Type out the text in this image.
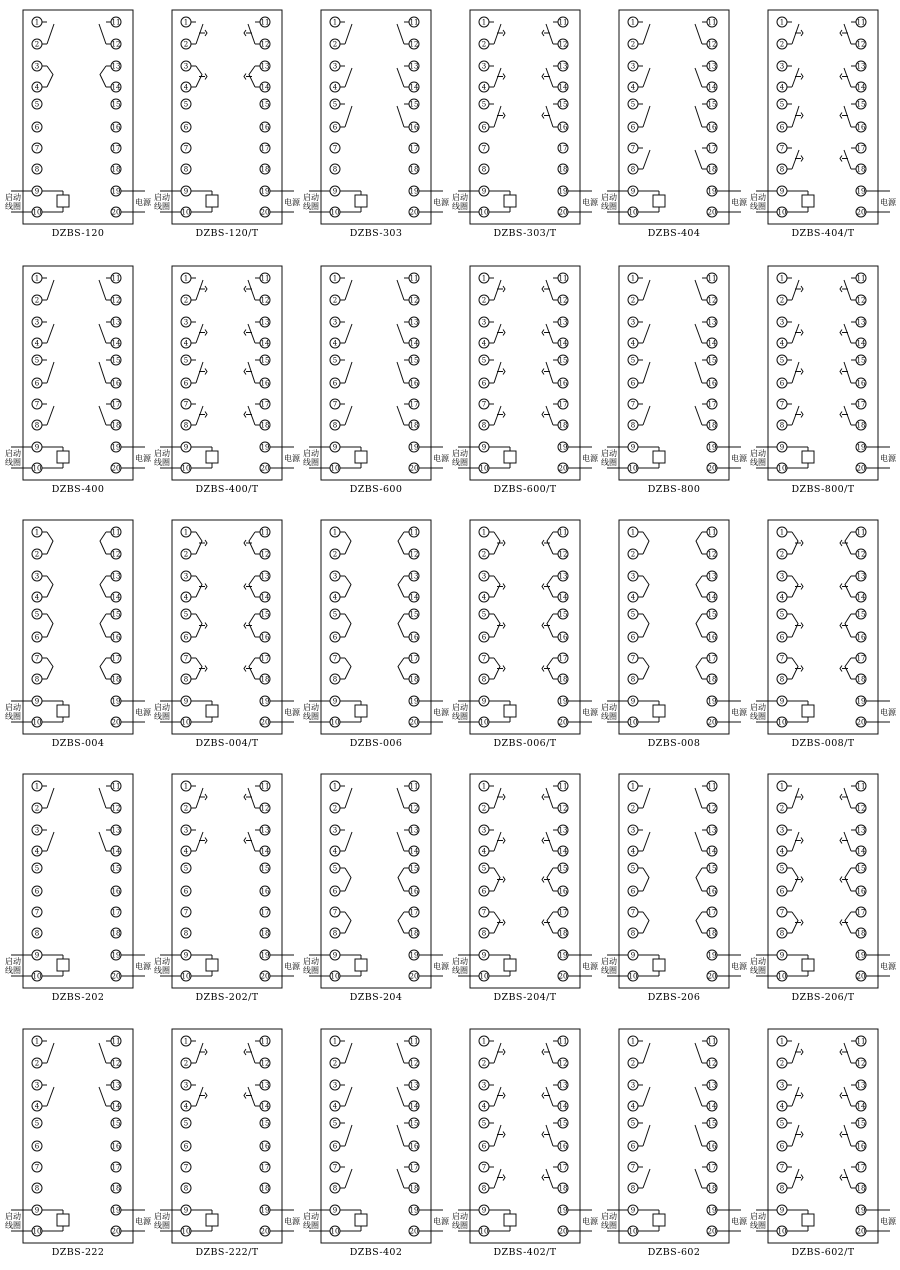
1	11
2	12
3	13
4	14
5	15
6	16
7	17
8	18
9	19
10	20
启动
线圈	电源
DZBS-120
1	11
2	12
3	13
4	14
5	15
6	16
7	17
8	18
9	19
10	20
启动
线圈	电源
DZBS-120/T
1	11
2	12
3	13
4	14
5	15
6	16
7	17
8	18
9	19
10	20
启动
线圈	电源
DZBS-303
1	11
2	12
3	13
4	14
5	15
6	16
7	17
8	18
9	19
10	20
启动
线圈	电源
DZBS-303/T
1	11
2	12
3	13
4	14
5	15
6	16
7	17
8	18
9	19
10	20
启动
线圈	电源
DZBS-404
1	11
2	12
3	13
4	14
5	15
6	16
7	17
8	18
9	19
10	20
启动
线圈	电源
DZBS-404/T
1	11
2	12
3	13
4	14
5	15
6	16
7	17
8	18
9	19
10	20
启动
线圈	电源
DZBS-400
1	11
2	12
3	13
4	14
5	15
6	16
7	17
8	18
9	19
10	20
启动
线圈	电源
DZBS-400/T
1	11
2	12
3	13
4	14
5	15
6	16
7	17
8	18
9	19
10	20
启动
线圈	电源
DZBS-600
1	11
2	12
3	13
4	14
5	15
6	16
7	17
8	18
9	19
10	20
启动
线圈	电源
DZBS-600/T
1	11
2	12
3	13
4	14
5	15
6	16
7	17
8	18
9	19
10	20
启动
线圈	电源
DZBS-800
1	11
2	12
3	13
4	14
5	15
6	16
7	17
8	18
9	19
10	20
启动
线圈	电源
DZBS-800/T
1	11
2	12
3	13
4	14
5	15
6	16
7	17
8	18
9	19
10	20
启动
线圈	电源
DZBS-004
1	11
2	12
3	13
4	14
5	15
6	16
7	17
8	18
9	19
10	20
启动
线圈	电源
DZBS-004/T
1	11
2	12
3	13
4	14
5	15
6	16
7	17
8	18
9	19
10	20
启动
线圈	电源
DZBS-006
1	11
2	12
3	13
4	14
5	15
6	16
7	17
8	18
9	19
10	20
启动
线圈	电源
DZBS-006/T
1	11
2	12
3	13
4	14
5	15
6	16
7	17
8	18
9	19
10	20
启动
线圈	电源
DZBS-008
1	11
2	12
3	13
4	14
5	15
6	16
7	17
8	18
9	19
10	20
启动
线圈	电源
DZBS-008/T
1	11
2	12
3	13
4	14
5	15
6	16
7	17
8	18
9	19
10	20
启动
线圈	电源
DZBS-202
1	11
2	12
3	13
4	14
5	15
6	16
7	17
8	18
9	19
10	20
启动
线圈	电源
DZBS-202/T
1	11
2	12
3	13
4	14
5	15
6	16
7	17
8	18
9	19
10	20
启动
线圈	电源
DZBS-204
1	11
2	12
3	13
4	14
5	15
6	16
7	17
8	18
9	19
10	20
启动
线圈	电源
DZBS-204/T
1	11
2	12
3	13
4	14
5	15
6	16
7	17
8	18
9	19
10	20
启动
线圈	电源
DZBS-206
1	11
2	12
3	13
4	14
5	15
6	16
7	17
8	18
9	19
10	20
启动
线圈	电源
DZBS-206/T
1	11
2	12
3	13
4	14
5	15
6	16
7	17
8	18
9	19
10	20
启动
线圈	电源
DZBS-222
1	11
2	12
3	13
4	14
5	15
6	16
7	17
8	18
9	19
10	20
启动
线圈	电源
DZBS-222/T
1	11
2	12
3	13
4	14
5	15
6	16
7	17
8	18
9	19
10	20
启动
线圈	电源
DZBS-402
1	11
2	12
3	13
4	14
5	15
6	16
7	17
8	18
9	19
10	20
启动
线圈	电源
DZBS-402/T
1	11
2	12
3	13
4	14
5	15
6	16
7	17
8	18
9	19
10	20
启动
线圈	电源
DZBS-602
1	11
2	12
3	13
4	14
5	15
6	16
7	17
8	18
9	19
10	20
启动
线圈	电源
DZBS-602/T
